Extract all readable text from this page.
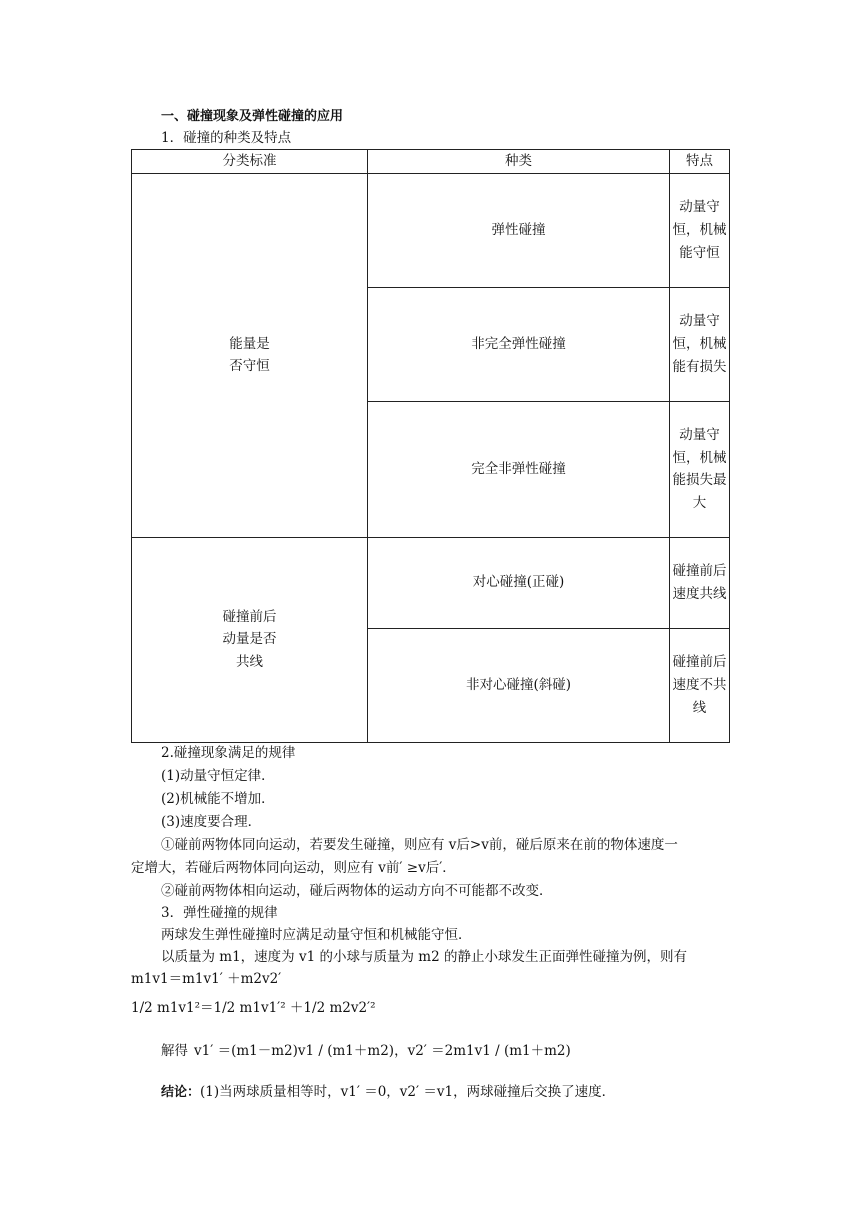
一、碰撞现象及弹性碰撞的应用
1．碰撞的种类及特点
分类标准	种类	特点

能量是否守恒	弹性碰撞	动量守恒，机械能守恒
	非完全弹性碰撞	动量守恒，机械能有损失
	完全非弹性碰撞	动量守恒，机械能损失最大

碰撞前后动量是否共线	对心碰撞(正碰)	碰撞前后速度共线
	非对心碰撞(斜碰)	碰撞前后速度不共线
2.碰撞现象满足的规律
(1)动量守恒定律．
(2)机械能不增加．
(3)速度要合理．
①碰前两物体同向运动，若要发生碰撞，则应有 v后>v前，碰后原来在前的物体速度一
定增大，若碰后两物体同向运动，则应有 v前′ ≥v后′．
②碰前两物体相向运动，碰后两物体的运动方向不可能都不改变．
3．弹性碰撞的规律
两球发生弹性碰撞时应满足动量守恒和机械能守恒．
以质量为 m1，速度为 v1 的小球与质量为 m2 的静止小球发生正面弹性碰撞为例，则有
m1v1＝m1v1′ ＋m2v2′
1/2 m1v1²＝1/2 m1v1′² ＋1/2 m2v2′²
解得 v1′ ＝(m1－m2)v1 / (m1＋m2) ， v2′ ＝2m1v1 / (m1＋m2)
结论：(1)当两球质量相等时，v1′ ＝0，v2′ ＝v1，两球碰撞后交换了速度．
